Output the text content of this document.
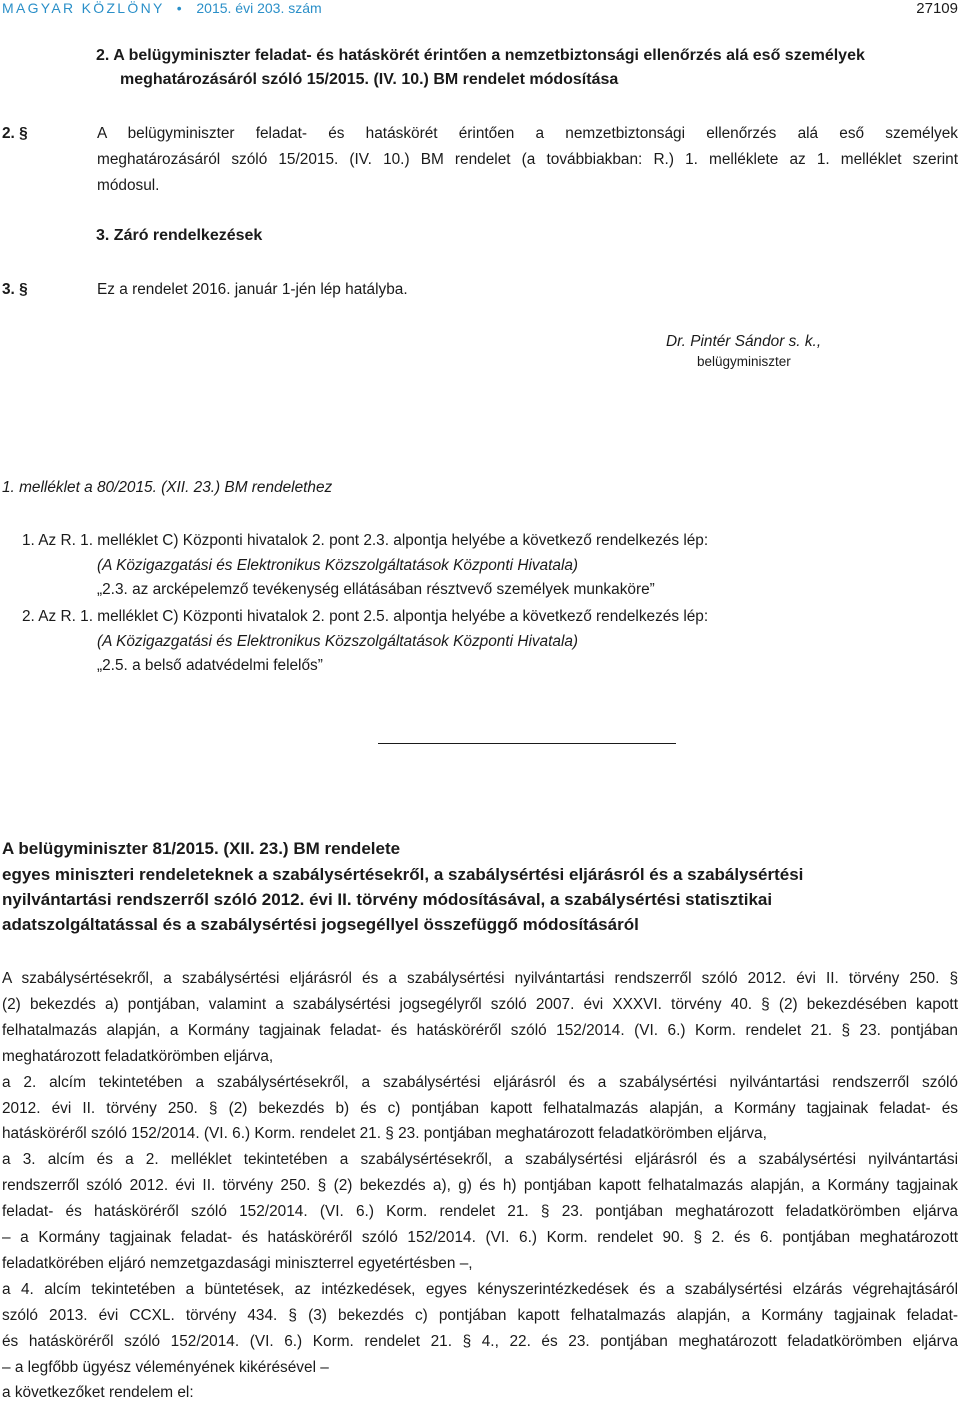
MAGYAR KÖZLÖNY • 2015. évi 203. szám	27109
2. A belügyminiszter feladat- és hatáskörét érintően a nemzetbiztonsági ellenőrzés alá eső személyek
meghatározásáról szóló 15/2015. (IV. 10.) BM rendelet módosítása
2. §	A belügyminiszter feladat- és hatáskörét érintően a nemzetbiztonsági ellenőrzés alá eső személyek
meghatározásáról szóló 15/2015. (IV. 10.) BM rendelet (a továbbiakban: R.) 1. melléklete az 1. melléklet szerint
módosul.
3. Záró rendelkezések
3. §	Ez a rendelet 2016. január 1-jén lép hatályba.
Dr. Pintér Sándor s. k.,
belügyminiszter
1. melléklet a 80/2015. (XII. 23.) BM rendelethez
1. Az R. 1. melléklet C) Központi hivatalok 2. pont 2.3. alpontja helyébe a következő rendelkezés lép:
(A Közigazgatási és Elektronikus Közszolgáltatások Központi Hivatala)
„2.3. az arcképelemző tevékenység ellátásában résztvevő személyek munkaköre”
2. Az R. 1. melléklet C) Központi hivatalok 2. pont 2.5. alpontja helyébe a következő rendelkezés lép:
(A Közigazgatási és Elektronikus Közszolgáltatások Központi Hivatala)
„2.5. a belső adatvédelmi felelős”
A belügyminiszter 81/2015. (XII. 23.) BM rendelete
egyes miniszteri rendeleteknek a szabálysértésekről, a szabálysértési eljárásról és a szabálysértési
nyilvántartási rendszerről szóló 2012. évi II. törvény módosításával, a szabálysértési statisztikai
adatszolgáltatással és a szabálysértési jogsegéllyel összefüggő módosításáról
A szabálysértésekről, a szabálysértési eljárásról és a szabálysértési nyilvántartási rendszerről szóló 2012. évi II. törvény 250. §
(2) bekezdés a) pontjában, valamint a szabálysértési jogsegélyről szóló 2007. évi XXXVI. törvény 40. § (2) bekezdésében kapott
felhatalmazás alapján, a Kormány tagjainak feladat- és hatásköréről szóló 152/2014. (VI. 6.) Korm. rendelet 21. § 23. pontjában
meghatározott feladatkörömben eljárva,
a 2. alcím tekintetében a szabálysértésekről, a szabálysértési eljárásról és a szabálysértési nyilvántartási rendszerről szóló
2012. évi II. törvény 250. § (2) bekezdés b) és c) pontjában kapott felhatalmazás alapján, a Kormány tagjainak feladat- és
hatásköréről szóló 152/2014. (VI. 6.) Korm. rendelet 21. § 23. pontjában meghatározott feladatkörömben eljárva,
a 3. alcím és a 2. melléklet tekintetében a szabálysértésekről, a szabálysértési eljárásról és a szabálysértési nyilvántartási
rendszerről szóló 2012. évi II. törvény 250. § (2) bekezdés a), g) és h) pontjában kapott felhatalmazás alapján, a Kormány tagjainak
feladat- és hatásköréről szóló 152/2014. (VI. 6.) Korm. rendelet 21. § 23. pontjában meghatározott feladatkörömben eljárva
– a Kormány tagjainak feladat- és hatásköréről szóló 152/2014. (VI. 6.) Korm. rendelet 90. § 2. és 6. pontjában meghatározott
feladatkörében eljáró nemzetgazdasági miniszterrel egyetértésben –,
a 4. alcím tekintetében a büntetések, az intézkedések, egyes kényszerintézkedések és a szabálysértési elzárás végrehajtásáról
szóló 2013. évi CCXL. törvény 434. § (3) bekezdés c) pontjában kapott felhatalmazás alapján, a Kormány tagjainak feladat-
és hatásköréről szóló 152/2014. (VI. 6.) Korm. rendelet 21. § 4., 22. és 23. pontjában meghatározott feladatkörömben eljárva
– a legfőbb ügyész véleményének kikérésével –
a következőket rendelem el:
